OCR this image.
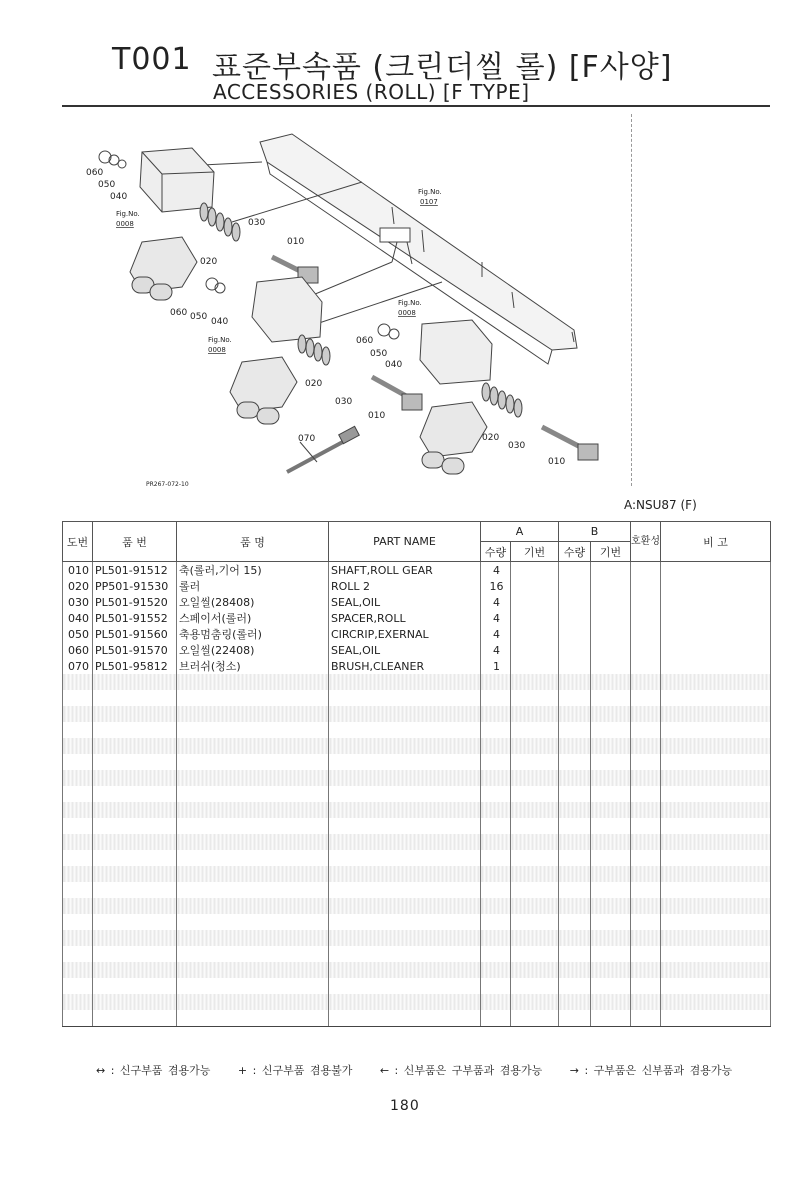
T001 표준부속품 (크린더씰 롤) [F사양]
ACCESSORIES (ROLL) [F TYPE]
060
050
040
020
030
010
060 050 040
020
030
010
060
050
040
020
030
010
070
Fig.No.
0107
Fig.No.
0008
Fig.No.
0008
Fig.No.
0008
PR267-072-10
A:NSU87 (F)
도번	품 번	품 명	PART NAME	A		B		호환성	비 고
				수량	기번	수량	기번		
010	PL501-91512	축(롤러,기어 15)	SHAFT,ROLL GEAR	4					
020	PP501-91530	롤러	ROLL 2	16					
030	PL501-91520	오일씰(28408)	SEAL,OIL	4					
040	PL501-91552	스페이서(롤러)	SPACER,ROLL	4					
050	PL501-91560	축용멈춤링(롤러)	CIRCRIP,EXERNAL	4					
060	PL501-91570	오일씰(22408)	SEAL,OIL	4					
070	PL501-95812	브러쉬(청소)	BRUSH,CLEANER	1					

↔ : 신구부품 겸용가능	+ : 신구부품 겸용불가	← : 신부품은 구부품과 겸용가능	→ : 구부품은 신부품과 겸용가능
180
